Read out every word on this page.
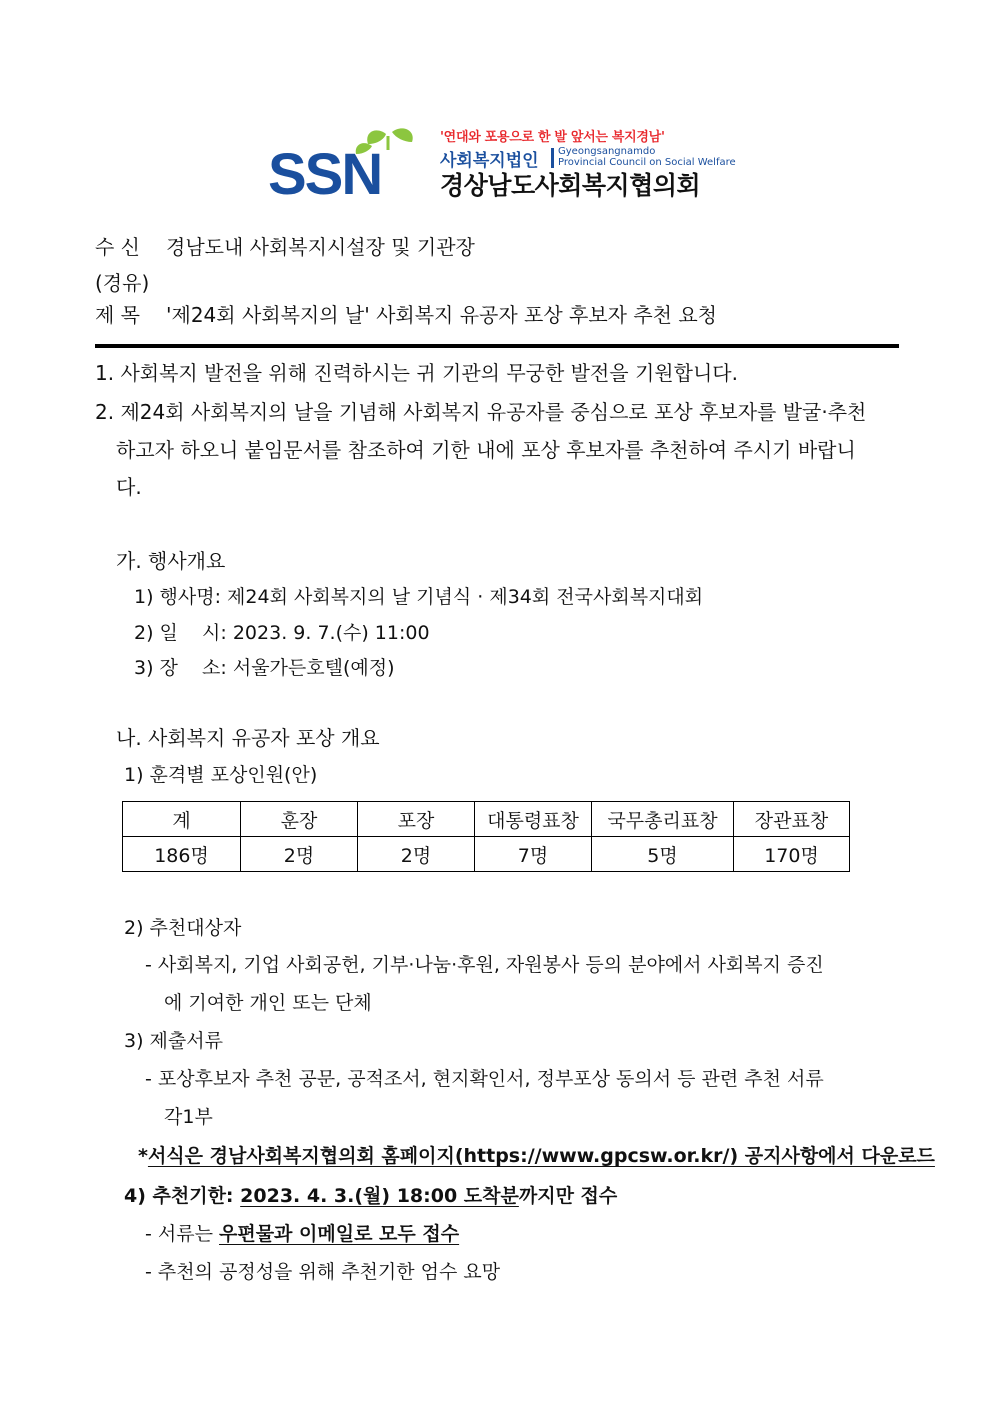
SSN
'연대와 포용으로 한 발 앞서는 복지경남'
사회복지법인 Gyeongsangnamdo
Provincial Council on Social Welfare
경상남도사회복지협의회
수 신 경남도내 사회복지시설장 및 기관장
(경유)
제 목 '제24회 사회복지의 날' 사회복지 유공자 포상 후보자 추천 요청
1. 사회복지 발전을 위해 진력하시는 귀 기관의 무궁한 발전을 기원합니다.
2. 제24회 사회복지의 날을 기념해 사회복지 유공자를 중심으로 포상 후보자를 발굴·추천
하고자 하오니 붙임문서를 참조하여 기한 내에 포상 후보자를 추천하여 주시기 바랍니
다.
가. 행사개요
1) 행사명: 제24회 사회복지의 날 기념식 · 제34회 전국사회복지대회
2) 일    시: 2023. 9. 7.(수) 11:00
3) 장    소: 서울가든호텔(예정)
나. 사회복지 유공자 포상 개요
1) 훈격별 포상인원(안)
계	훈장	포장	대통령표창	국무총리표창	장관표창
186명	2명	2명	7명	5명	170명
2) 추천대상자
- 사회복지, 기업 사회공헌, 기부·나눔·후원, 자원봉사 등의 분야에서 사회복지 증진
에 기여한 개인 또는 단체
3) 제출서류
- 포상후보자 추천 공문, 공적조서, 현지확인서, 정부포상 동의서 등 관련 추천 서류
각1부
*서식은 경남사회복지협의회 홈페이지(https://www.gpcsw.or.kr/) 공지사항에서 다운로드
4) 추천기한: 2023. 4. 3.(월) 18:00 도착분까지만 접수
- 서류는 우편물과 이메일로 모두 접수
- 추천의 공정성을 위해 추천기한 엄수 요망
